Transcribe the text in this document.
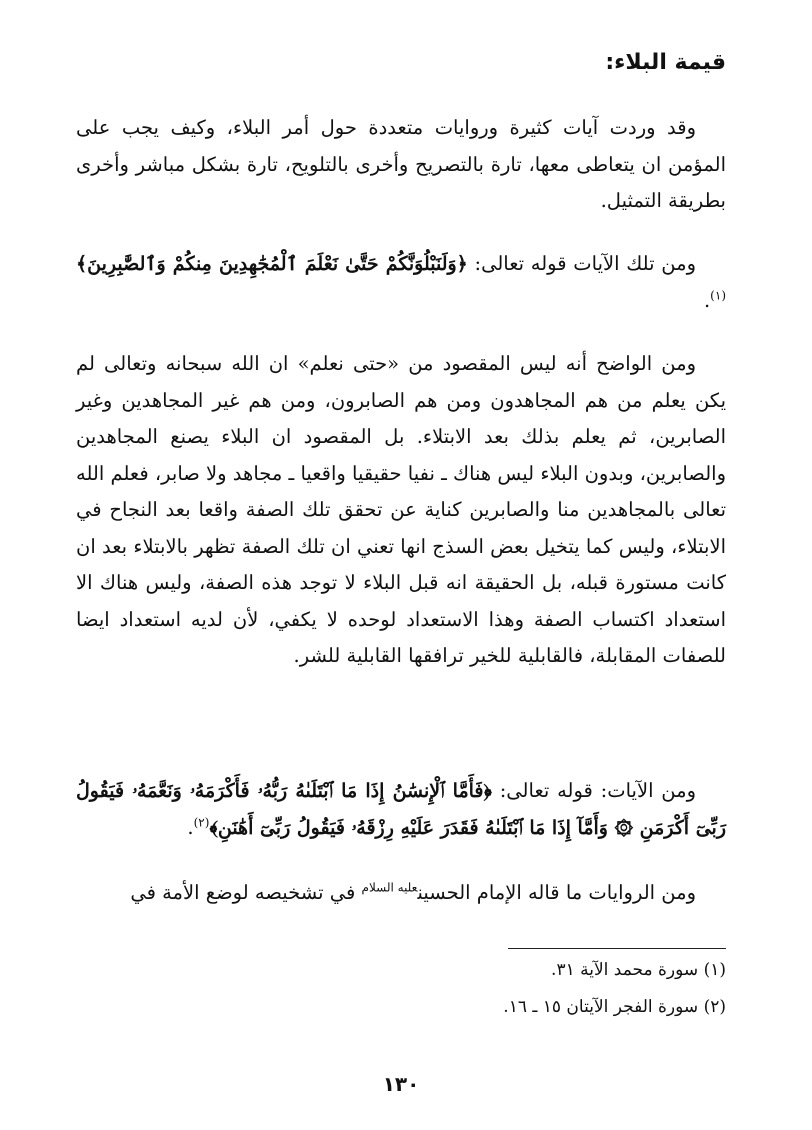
قيمة البلاء:

وقد وردت آيات كثيرة وروايات متعددة حول أمر البلاء، وكيف يجب على المؤمن ان يتعاطى معها، تارة بالتصريح وأخرى بالتلويح، تارة بشكل مباشر وأخرى بطريقة التمثيل.

ومن تلك الآيات قوله تعالى: ﴿وَلَنَبْلُوَنَّكُمْ حَتَّىٰ نَعْلَمَ ٱلْمُجَٰهِدِينَ مِنكُمْ وَٱلصَّٰبِرِينَ﴾$^{(١)}$.

ومن الواضح أنه ليس المقصود من «حتى نعلم» ان الله سبحانه وتعالى لم يكن يعلم من هم المجاهدون ومن هم الصابرون، ومن هم غير المجاهدين وغير الصابرين، ثم يعلم بذلك بعد الابتلاء. بل المقصود ان البلاء يصنع المجاهدين والصابرين، وبدون البلاء ليس هناك ـ نفيا حقيقيا واقعيا ـ مجاهد ولا صابر، فعلم الله تعالى بالمجاهدين منا والصابرين كناية عن تحقق تلك الصفة واقعا بعد النجاح في الابتلاء، وليس كما يتخيل بعض السذج انها تعني ان تلك الصفة تظهر بالابتلاء بعد ان كانت مستورة قبله، بل الحقيقة انه قبل البلاء لا توجد هذه الصفة، وليس هناك الا استعداد اكتساب الصفة وهذا الاستعداد لوحده لا يكفي، لأن لديه استعداد ايضا للصفات المقابلة، فالقابلية للخير ترافقها القابلية للشر.

ومن الآيات: قوله تعالى: ﴿فَأَمَّا ٱلْإِنسَٰنُ إِذَا مَا ٱبْتَلَىٰهُ رَبُّهُۥ فَأَكْرَمَهُۥ وَنَعَّمَهُۥ فَيَقُولُ رَبِّىٓ أَكْرَمَنِ ۞ وَأَمَّآ إِذَا مَا ٱبْتَلَىٰهُ فَقَدَرَ عَلَيْهِ رِزْقَهُۥ فَيَقُولُ رَبِّىٓ أَهَٰنَنِ﴾$^{(٢)}$.

ومن الروايات ما قاله الإمام الحسين$^{عليه السلام}$ في تشخيصه لوضع الأمة في

(١) سورة محمد الآية ٣١.

(٢) سورة الفجر الآيتان ١٥ ـ ١٦.

١٣٠
